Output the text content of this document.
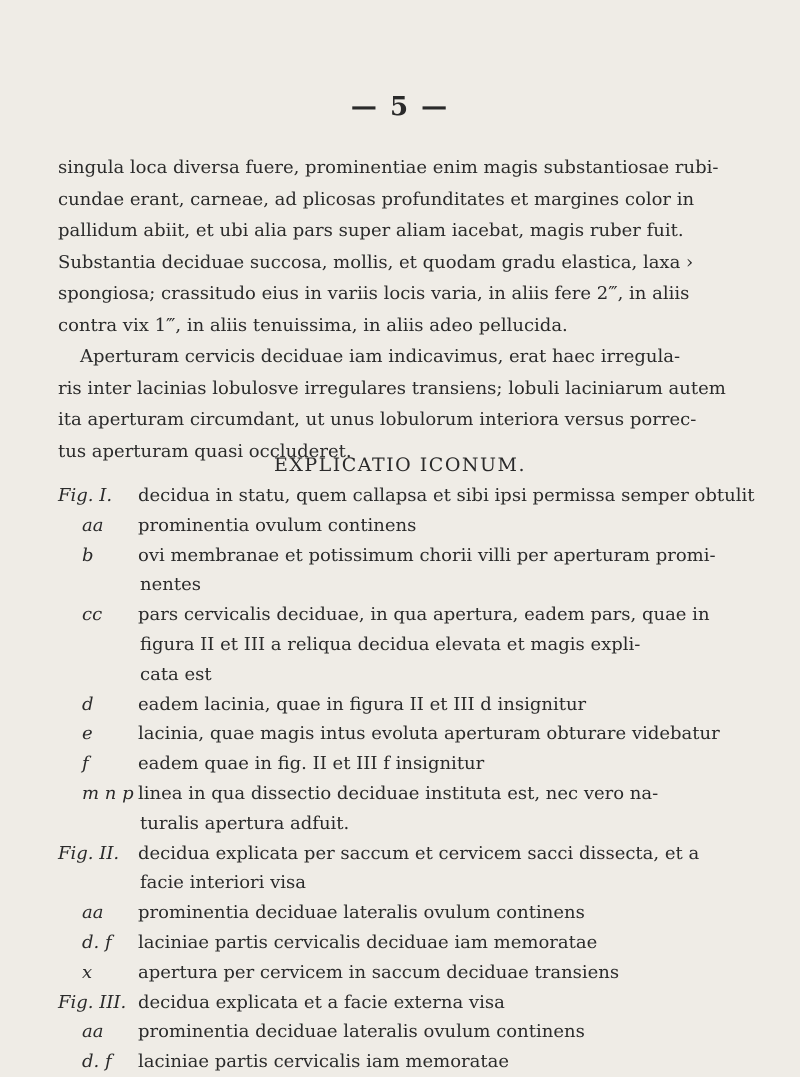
— 5 —

singula loca diversa fuere, prominentiae enim magis substantiosae rubi-

cundae erant, carneae, ad plicosas profunditates et margines color in

pallidum abiit, et ubi alia pars super aliam iacebat, magis ruber fuit.

Substantia deciduae succosa, mollis, et quodam gradu elastica, laxa ›

spongiosa; crassitudo eius in variis locis varia, in aliis fere 2‴, in aliis

contra vix 1‴, in aliis tenuissima, in aliis adeo pellucida.

Aperturam cervicis deciduae iam indicavimus, erat haec irregula-

ris inter lacinias lobulosve irregulares transiens; lobuli laciniarum autem

ita aperturam circumdant, ut unus lobulorum interiora versus porrec-

tus aperturam quasi occluderet.

EXPLICATIO ICONUM.
Fig. I. decidua in statu, quem callapsa et sibi ipsi permissa semper obtulit
aa prominentia ovulum continens
b ovi membranae et potissimum chorii villi per aperturam promi-
nentes
cc pars cervicalis deciduae, in qua apertura, eadem pars, quae in
figura II et III a reliqua decidua elevata et magis expli-
cata est
d eadem lacinia, quae in figura II et III d insignitur
e	lacinia, quae magis intus evoluta aperturam obturare videbatur
f	eadem quae in fig. II et III f insignitur
m n p linea in qua dissectio deciduae instituta est, nec vero na-
turalis apertura adfuit.
Fig. II. decidua explicata per saccum et cervicem sacci dissecta, et a
facie interiori visa
aa prominentia deciduae lateralis ovulum continens
d. f laciniae partis cervicalis deciduae iam memoratae
x	apertura per cervicem in saccum deciduae transiens
Fig. III. decidua explicata et a facie externa visa
aa prominentia deciduae lateralis ovulum continens
d. f laciniae partis cervicalis iam memoratae
